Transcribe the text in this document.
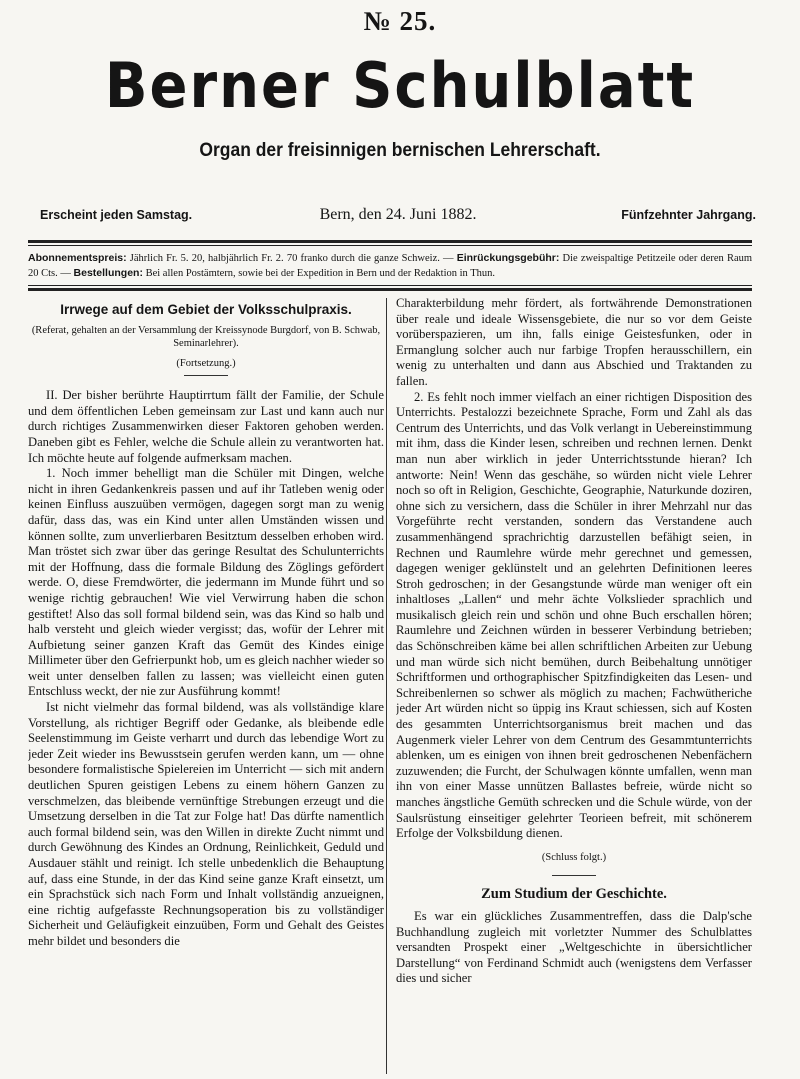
№ 25.
Berner Schulblatt
Organ der freisinnigen bernischen Lehrerschaft.
Erscheint jeden Samstag.	Bern, den 24. Juni 1882.	Fünfzehnter Jahrgang.
Abonnementspreis: Jährlich Fr. 5. 20, halbjährlich Fr. 2. 70 franko durch die ganze Schweiz. — Einrückungsgebühr: Die zweispaltige Petitzeile oder deren Raum 20 Cts. — Bestellungen: Bei allen Postämtern, sowie bei der Expedition in Bern und der Redaktion in Thun.
Irrwege auf dem Gebiet der Volksschulpraxis.
(Referat, gehalten an der Versammlung der Kreissynode Burgdorf, von B. Schwab, Seminarlehrer).
(Fortsetzung.)

II. Der bisher berührte Hauptirrtum fällt der Familie, der Schule und dem öffentlichen Leben gemeinsam zur Last und kann auch nur durch richtiges Zusammenwirken dieser Faktoren gehoben werden. Daneben gibt es Fehler, welche die Schule allein zu verantworten hat. Ich möchte heute auf folgende aufmerksam machen.

1. Noch immer behelligt man die Schüler mit Dingen, welche nicht in ihren Gedankenkreis passen und auf ihr Tatleben wenig oder keinen Einfluss auszuüben vermögen, dagegen sorgt man zu wenig dafür, dass das, was ein Kind unter allen Umständen wissen und können sollte, zum unverlierbaren Besitztum desselben erhoben wird. Man tröstet sich zwar über das geringe Resultat des Schulunterrichts mit der Hoffnung, dass die formale Bildung des Zöglings gefördert werde. O, diese Fremdwörter, die jedermann im Munde führt und so wenige richtig gebrauchen! Wie viel Verwirrung haben die schon gestiftet! Also das soll formal bildend sein, was das Kind so halb und halb versteht und gleich wieder vergisst; das, wofür der Lehrer mit Aufbietung seiner ganzen Kraft das Gemüt des Kindes einige Millimeter über den Gefrierpunkt hob, um es gleich nachher wieder so weit unter denselben fallen zu lassen; was vielleicht einen guten Entschluss weckt, der nie zur Ausführung kommt!

Ist nicht vielmehr das formal bildend, was als vollständige klare Vorstellung, als richtiger Begriff oder Gedanke, als bleibende edle Seelenstimmung im Geiste verharrt und durch das lebendige Wort zu jeder Zeit wieder ins Bewusstsein gerufen werden kann, um — ohne besondere formalistische Spielereien im Unterricht — sich mit andern deutlichen Spuren geistigen Lebens zu einem höhern Ganzen zu verschmelzen, das bleibende vernünftige Strebungen erzeugt und die Umsetzung derselben in die Tat zur Folge hat! Das dürfte namentlich auch formal bildend sein, was den Willen in direkte Zucht nimmt und durch Gewöhnung des Kindes an Ordnung, Reinlichkeit, Geduld und Ausdauer stählt und reinigt. Ich stelle unbedenklich die Behauptung auf, dass eine Stunde, in der das Kind seine ganze Kraft einsetzt, um ein Sprachstück sich nach Form und Inhalt vollständig anzueignen, eine richtig aufgefasste Rechnungsoperation bis zu vollständiger Sicherheit und Geläufigkeit einzuüben, Form und Gehalt des Geistes mehr bildet und besonders die

Charakterbildung mehr fördert, als fortwährende Demonstrationen über reale und ideale Wissensgebiete, die nur so vor dem Geiste vorüberspazieren, um ihn, falls einige Geistesfunken, oder in Ermanglung solcher auch nur farbige Tropfen herausschillern, ein wenig zu unterhalten und dann aus Abschied und Traktanden zu fallen.

2. Es fehlt noch immer vielfach an einer richtigen Disposition des Unterrichts. Pestalozzi bezeichnete Sprache, Form und Zahl als das Centrum des Unterrichts, und das Volk verlangt in Uebereinstimmung mit ihm, dass die Kinder lesen, schreiben und rechnen lernen. Denkt man nun aber wirklich in jeder Unterrichtsstunde hieran? Ich antworte: Nein! Wenn das geschähe, so würden nicht viele Lehrer noch so oft in Religion, Geschichte, Geographie, Naturkunde doziren, ohne sich zu versichern, dass die Schüler in ihrer Mehrzahl nur das Vorgeführte recht verstanden, sondern das Verstandene auch zusammenhängend sprachrichtig darzustellen befähigt seien, in Rechnen und Raumlehre würde mehr gerechnet und gemessen, dagegen weniger geklünstelt und an gelehrten Definitionen leeres Stroh gedroschen; in der Gesangstunde würde man weniger oft ein inhaltloses „Lallen“ und mehr ächte Volkslieder sprachlich und musikalisch gleich rein und schön und ohne Buch erschallen hören; Raumlehre und Zeichnen würden in besserer Verbindung betrieben; das Schönschreiben käme bei allen schriftlichen Arbeiten zur Uebung und man würde sich nicht bemühen, durch Beibehaltung unnötiger Schriftformen und orthographischer Spitzfindigkeiten das Lesen- und Schreibenlernen so schwer als möglich zu machen; Fachwütheriche jeder Art würden nicht so üppig ins Kraut schiessen, sich auf Kosten des gesammten Unterrichtsorganismus breit machen und das Augenmerk vieler Lehrer von dem Centrum des Gesammtunterrichts ablenken, um es einigen von ihnen breit gedroschenen Nebenfächern zuzuwenden; die Furcht, der Schulwagen könnte umfallen, wenn man ihn von einer Masse unnützen Ballastes befreie, würde nicht so manches ängstliche Gemüth schrecken und die Schule würde, von der Saulsrüstung einseitiger gelehrter Teorieen befreit, mit schönerem Erfolge der Volksbildung dienen.

(Schluss folgt.)
Zum Studium der Geschichte.

Es war ein glückliches Zusammentreffen, dass die Dalp'sche Buchhandlung zugleich mit vorletzter Nummer des Schulblattes versandten Prospekt einer „Weltgeschichte in übersichtlicher Darstellung“ von Ferdinand Schmidt auch (wenigstens dem Verfasser dies und sicher
